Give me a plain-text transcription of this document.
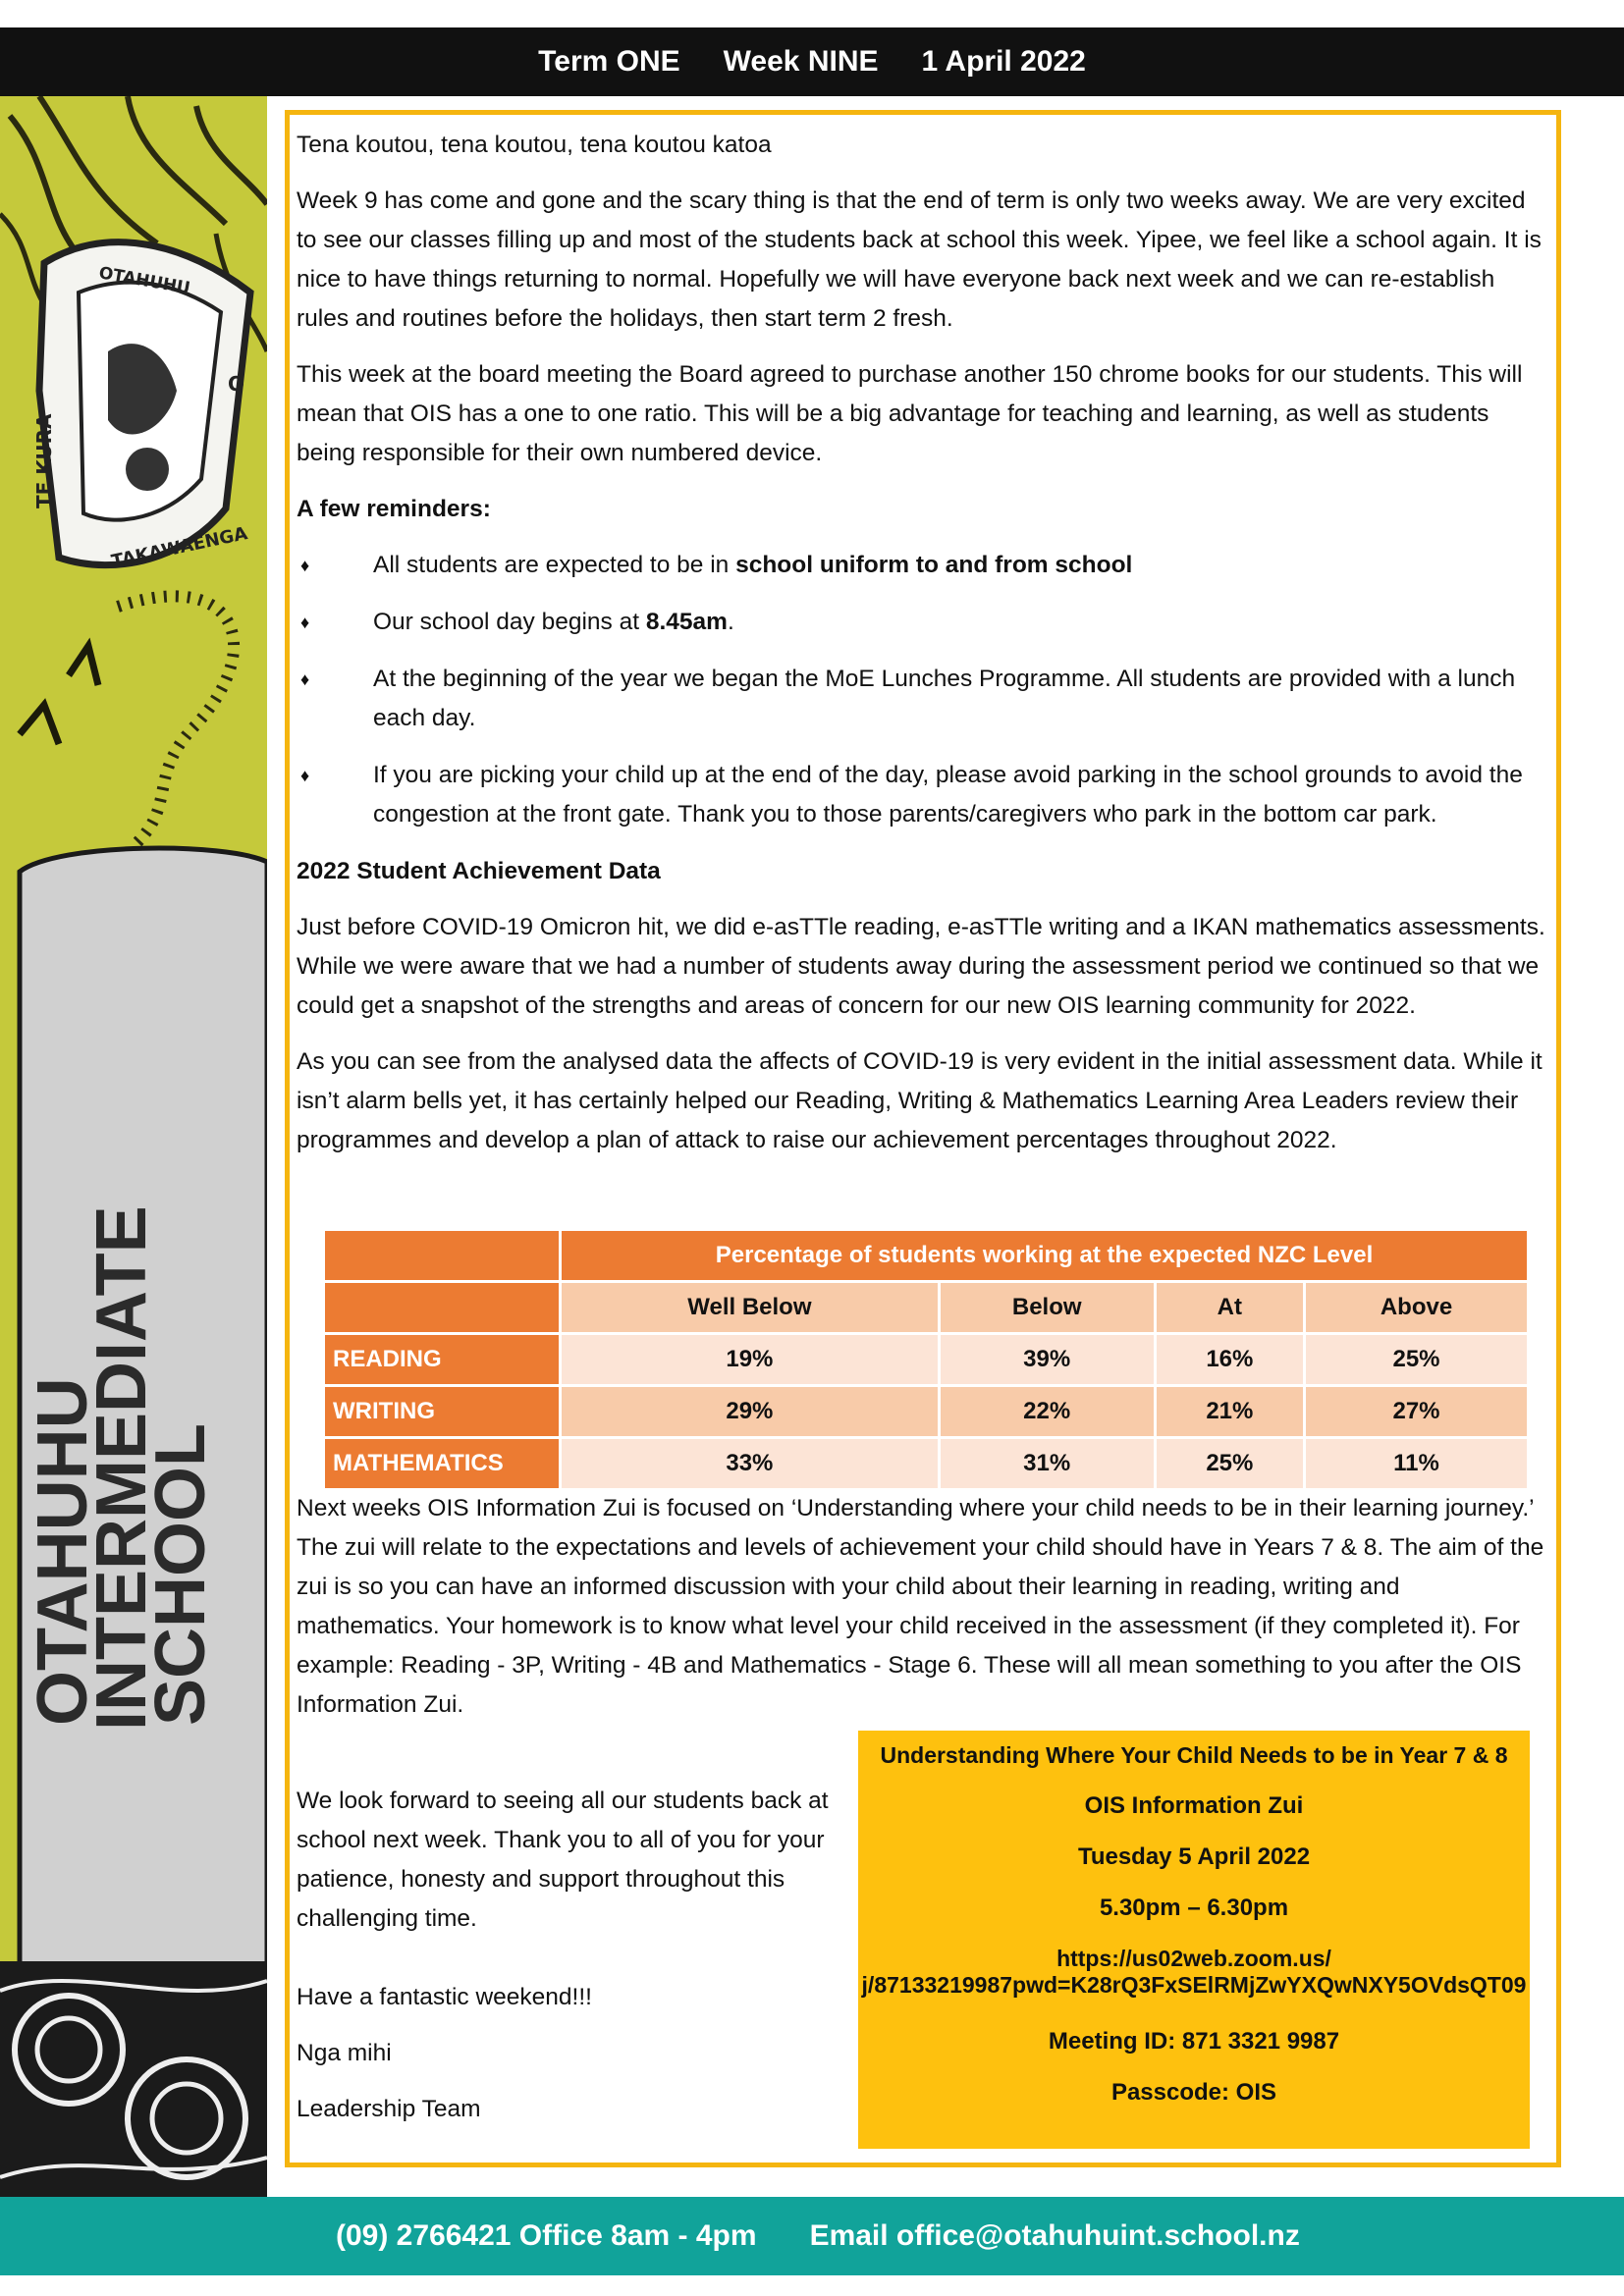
Term ONE Week NINE 1 April 2022
TE KURA
TAKAWAENGA
OTAHUHU
O
OTAHUHU
INTERMEDIATE
SCHOOL

Tena koutou, tena koutou, tena koutou katoa

Week 9 has come and gone and the scary thing is that the end of term is only two weeks away. We are very excited to see our classes filling up and most of the students back at school this week. Yipee, we feel like a school again. It is nice to have things returning to normal. Hopefully we will have everyone back next week and we can re-establish rules and routines before the holidays, then start term 2 fresh.

This week at the board meeting the Board agreed to purchase another 150 chrome books for our students. This will mean that OIS has a one to one ratio. This will be a big advantage for teaching and learning, as well as students being responsible for their own numbered device.

A few reminders:

♦	All students are expected to be in school uniform to and from school
♦	Our school day begins at 8.45am.
♦	At the beginning of the year we began the MoE Lunches Programme. All students are provided with a lunch each day.
♦	If you are picking your child up at the end of the day, please avoid parking in the school grounds to avoid the congestion at the front gate. Thank you to those parents/caregivers who park in the bottom car park.

2022 Student Achievement Data

Just before COVID-19 Omicron hit, we did e-asTTle reading, e-asTTle writing and a IKAN mathematics assessments. While we were aware that we had a number of students away during the assessment period we continued so that we could get a snapshot of the strengths and areas of concern for our new OIS learning community for 2022.

As you can see from the analysed data the affects of COVID-19 is very evident in the initial assessment data. While it isn’t alarm bells yet, it has certainly helped our Reading, Writing & Mathematics Learning Area Leaders review their programmes and develop a plan of attack to raise our achievement percentages throughout 2022.

	Percentage of students working at the expected NZC Level			
	Well Below	Below	At	Above
READING	19%	39%	16%	25%
WRITING	29%	22%	21%	27%
MATHEMATICS	33%	31%	25%	11%

Next weeks OIS Information Zui is focused on ‘Understanding where your child needs to be in their learning journey.’ The zui will relate to the expectations and levels of achievement your child should have in Years 7 & 8. The aim of the zui is so you can have an informed discussion with your child about their learning in reading, writing and mathematics. Your homework is to know what level your child received in the assessment (if they completed it). For example: Reading - 3P, Writing - 4B and Mathematics - Stage 6. These will all mean something to you after the OIS Information Zui.

We look forward to seeing all our students back at school next week. Thank you to all of you for your patience, honesty and support throughout this challenging time.

Have a fantastic weekend!!!

Nga mihi

Leadership Team

Understanding Where Your Child Needs to be in Year 7 & 8
OIS Information Zui
Tuesday 5 April 2022
5.30pm – 6.30pm
https://us02web.zoom.us/
j/87133219987pwd=K28rQ3FxSElRMjZwYXQwNXY5OVdsQT09
Meeting ID: 871 3321 9987
Passcode: OIS
(09) 2766421 Office 8am - 4pm Email office@otahuhuint.school.nz
